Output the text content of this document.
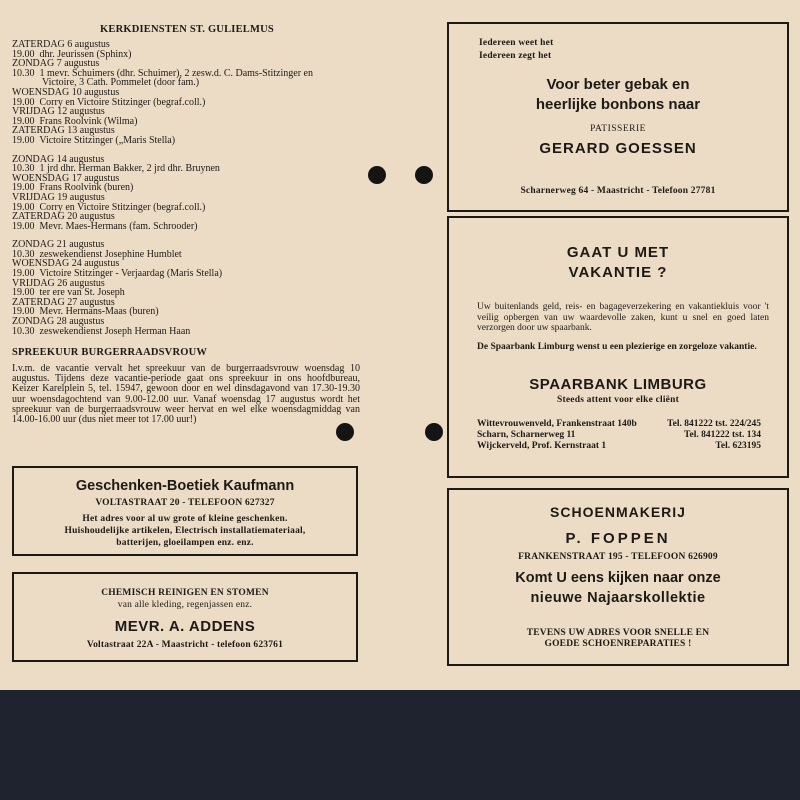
KERKDIENSTEN ST. GULIELMUS
ZATERDAG 6 augustus
19.00  dhr. Jeurissen (Sphinx)
ZONDAG 7 augustus
10.30  1 mevr. Schuimers (dhr. Schuimer), 2 zesw.d. C. Dams-Stitzinger en
Victoire, 3 Cath. Pommelet (door fam.)
WOENSDAG 10 augustus
19.00  Corry en Victoire Stitzinger (begraf.coll.)
VRIJDAG 12 augustus
19.00  Frans Roolvink (Wilma)
ZATERDAG 13 augustus
19.00  Victoire Stitzinger („Maris Stella)
ZONDAG 14 augustus
10.30  1 jrd dhr. Herman Bakker, 2 jrd dhr. Bruynen
WOENSDAG 17 augustus
19.00  Frans Roolvink (buren)
VRIJDAG 19 augustus
19.00  Corry en Victoire Stitzinger (begraf.coll.)
ZATERDAG 20 augustus
19.00  Mevr. Maes-Hermans (fam. Schrooder)
ZONDAG 21 augustus
10.30  zeswekendienst Josephine Humblet
WOENSDAG 24 augustus
19.00  Victoire Stitzinger - Verjaardag (Maris Stella)
VRIJDAG 26 augustus
19.00  ter ere van St. Joseph
ZATERDAG 27 augustus
19.00  Mevr. Hermans-Maas (buren)
ZONDAG 28 augustus
10.30  zeswekendienst Joseph Herman Haan
SPREEKUUR BURGERRAADSVROUW
I.v.m. de vacantie vervalt het spreekuur van de burgerraadsvrouw woensdag 10 augustus. Tijdens deze vacantie-periode gaat ons spreekuur in ons hoofdbureau, Keizer Karelplein 5, tel. 15947, gewoon door en wel dinsdagavond van 17.30-19.30 uur woensdagochtend van 9.00-12.00 uur. Vanaf woensdag 17 augustus wordt het spreekuur van de burgerraadsvrouw weer hervat en wel elke woensdagmiddag van 14.00-16.00 uur (dus niet meer tot 17.00 uur!)
Geschenken-Boetiek Kaufmann
VOLTASTRAAT 20 - TELEFOON 627327
Het adres voor al uw grote of kleine geschenken.
Huishoudelijke artikelen, Electrisch installatiemateriaal,
batterijen, gloeilampen enz. enz.
CHEMISCH REINIGEN EN STOMEN
van alle kleding, regenjassen enz.
MEVR. A. ADDENS
Voltastraat 22A - Maastricht - telefoon 623761
Iedereen weet het
Iedereen zegt het
Voor beter gebak en
heerlijke bonbons naar
PATISSERIE
GERARD GOESSEN
Scharnerweg 64 - Maastricht - Telefoon 27781
GAAT U MET
VAKANTIE ?
Uw buitenlands geld, reis- en bagageverzekering en vakantiekluis voor 't veilig opbergen van uw waardevolle zaken, kunt u snel en goed laten verzorgen door uw spaarbank.
De Spaarbank Limburg wenst u een plezierige en zorgeloze vakantie.
SPAARBANK LIMBURG
Steeds attent voor elke cliënt
Wittevrouwenveld, Frankenstraat 140b	Tel. 841222 tst. 224/245
Scharn, Scharnerweg 11	Tel. 841222 tst. 134
Wijckerveld, Prof. Kernstraat 1	Tel. 623195
SCHOENMAKERIJ
P. FOPPEN
FRANKENSTRAAT 195 - TELEFOON 626909
Komt U eens kijken naar onze
nieuwe Najaarskollektie
TEVENS UW ADRES VOOR SNELLE EN
GOEDE SCHOENREPARATIES !
